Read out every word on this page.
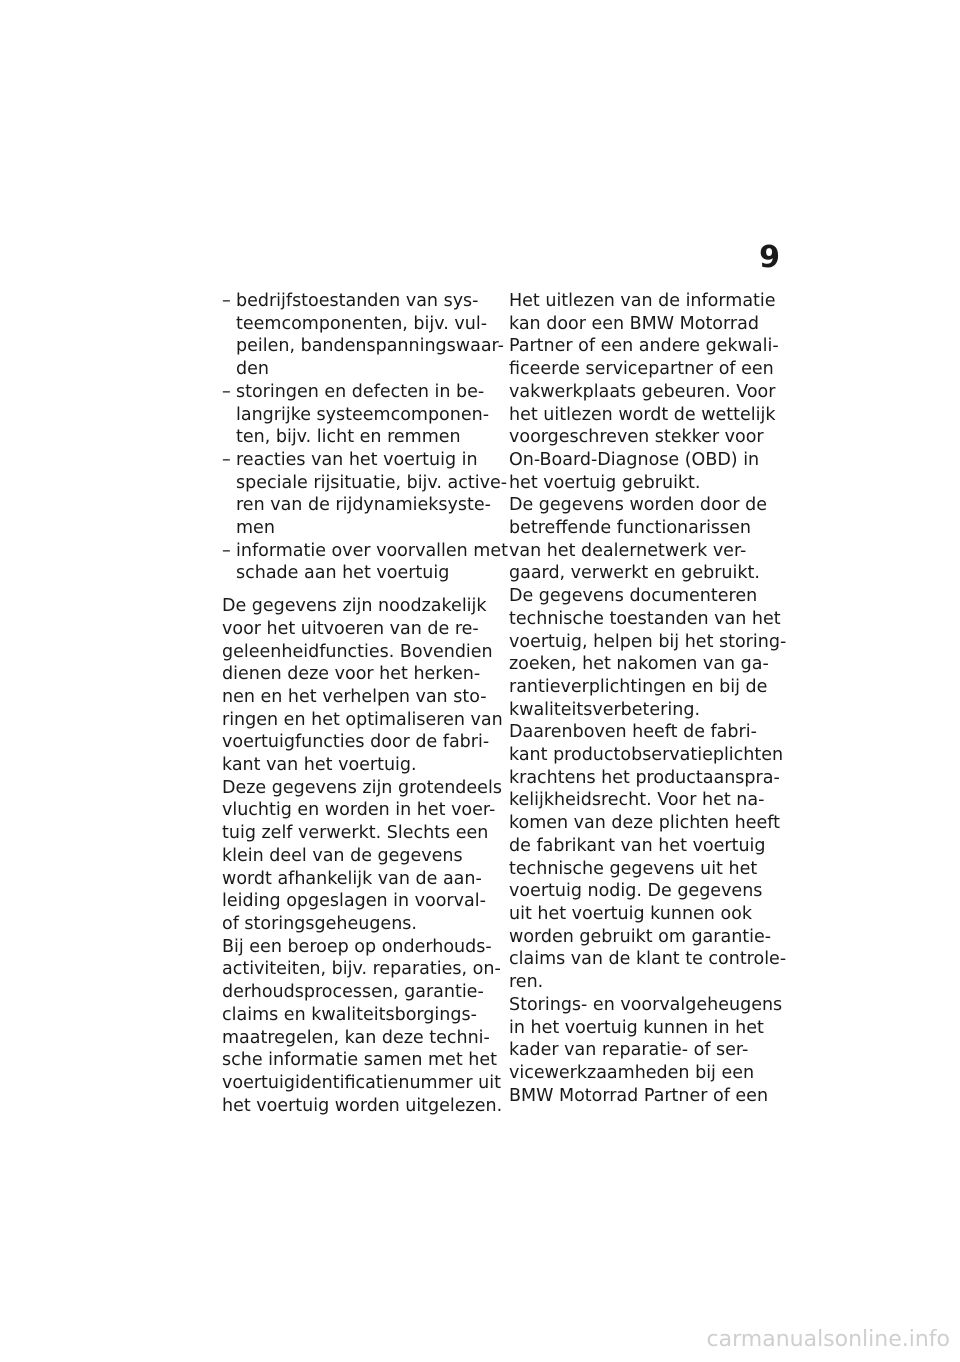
9
– bedrijfstoestanden van sys-
teemcomponenten, bijv. vul-
peilen, bandenspanningswaar-
den
– storingen en defecten in be-
langrijke systeemcomponen-
ten, bijv. licht en remmen
– reacties van het voertuig in
speciale rijsituatie, bijv. active-
ren van de rijdynamieksyste-
men
– informatie over voorvallen met
schade aan het voertuig
De gegevens zijn noodzakelijk
voor het uitvoeren van de re-
geleenheidfuncties. Bovendien
dienen deze voor het herken-
nen en het verhelpen van sto-
ringen en het optimaliseren van
voertuigfuncties door de fabri-
kant van het voertuig.
Deze gegevens zijn grotendeels
vluchtig en worden in het voer-
tuig zelf verwerkt. Slechts een
klein deel van de gegevens
wordt afhankelijk van de aan-
leiding opgeslagen in voorval-
of storingsgeheugens.
Bij een beroep op onderhouds-
activiteiten, bijv. reparaties, on-
derhoudsprocessen, garantie-
claims en kwaliteitsborgings-
maatregelen, kan deze techni-
sche informatie samen met het
voertuigidentificatienummer uit
het voertuig worden uitgelezen.
Het uitlezen van de informatie
kan door een BMW Motorrad
Partner of een andere gekwali-
ficeerde servicepartner of een
vakwerkplaats gebeuren. Voor
het uitlezen wordt de wettelijk
voorgeschreven stekker voor
On-Board-Diagnose (OBD) in
het voertuig gebruikt.
De gegevens worden door de
betreffende functionarissen
van het dealernetwerk ver-
gaard, verwerkt en gebruikt.
De gegevens documenteren
technische toestanden van het
voertuig, helpen bij het storing-
zoeken, het nakomen van ga-
rantieverplichtingen en bij de
kwaliteitsverbetering.
Daarenboven heeft de fabri-
kant productobservatieplichten
krachtens het productaanspra-
kelijkheidsrecht. Voor het na-
komen van deze plichten heeft
de fabrikant van het voertuig
technische gegevens uit het
voertuig nodig. De gegevens
uit het voertuig kunnen ook
worden gebruikt om garantie-
claims van de klant te controle-
ren.
Storings- en voorvalgeheugens
in het voertuig kunnen in het
kader van reparatie- of ser-
vicewerkzaamheden bij een
BMW Motorrad Partner of een
carmanualsonline.info
